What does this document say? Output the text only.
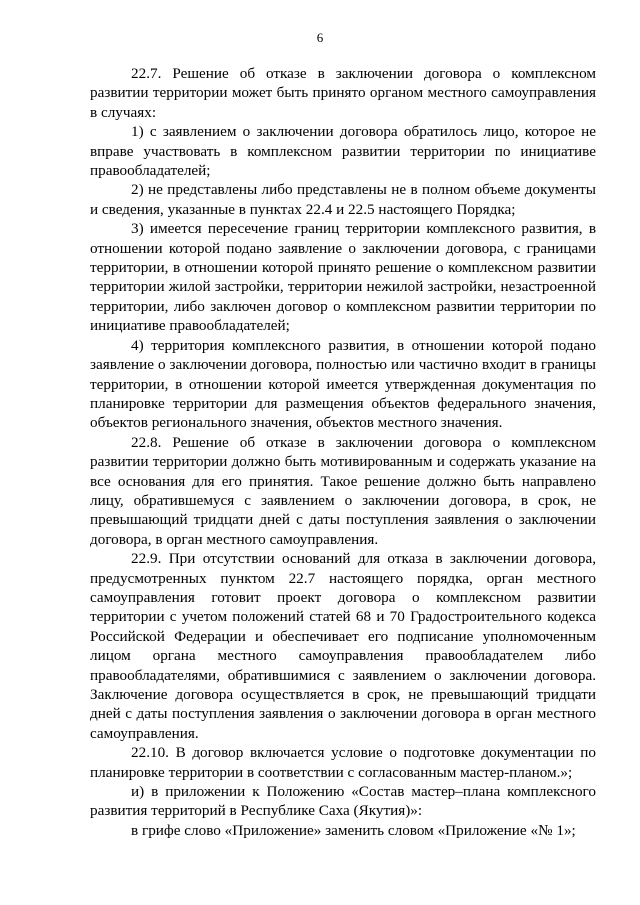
6

22.7. Решение об отказе в заключении договора о комплексном развитии территории может быть принято органом местного самоуправления в случаях:

1) с заявлением о заключении договора обратилось лицо, которое не вправе участвовать в комплексном развитии территории по инициативе правообладателей;

2) не представлены либо представлены не в полном объеме документы и сведения, указанные в пунктах 22.4 и 22.5 настоящего Порядка;

3) имеется пересечение границ территории комплексного развития, в отношении которой подано заявление о заключении договора, с границами территории, в отношении которой принято решение о комплексном развитии территории жилой застройки, территории нежилой застройки, незастроенной территории, либо заключен договор о комплексном развитии территории по инициативе правообладателей;

4) территория комплексного развития, в отношении которой подано заявление о заключении договора, полностью или частично входит в границы территории, в отношении которой имеется утвержденная документация по планировке территории для размещения объектов федерального значения, объектов регионального значения, объектов местного значения.

22.8. Решение об отказе в заключении договора о комплексном развитии территории должно быть мотивированным и содержать указание на все основания для его принятия. Такое решение должно быть направлено лицу, обратившемуся с заявлением о заключении договора, в срок, не превышающий тридцати дней с даты поступления заявления о заключении договора, в орган местного самоуправления.

22.9. При отсутствии оснований для отказа в заключении договора, предусмотренных пунктом 22.7 настоящего порядка, орган местного самоуправления готовит проект договора о комплексном развитии территории с учетом положений статей 68 и 70 Градостроительного кодекса Российской Федерации и обеспечивает его подписание уполномоченным лицом органа местного самоуправления правообладателем либо правообладателями, обратившимися с заявлением о заключении договора. Заключение договора осуществляется в срок, не превышающий тридцати дней с даты поступления заявления о заключении договора в орган местного самоуправления.

22.10. В договор включается условие о подготовке документации по планировке территории в соответствии с согласованным мастер-планом.»;

и) в приложении к Положению «Состав мастер–плана комплексного развития территорий в Республике Саха (Якутия)»:

в грифе слово «Приложение» заменить словом «Приложение «№ 1»;
